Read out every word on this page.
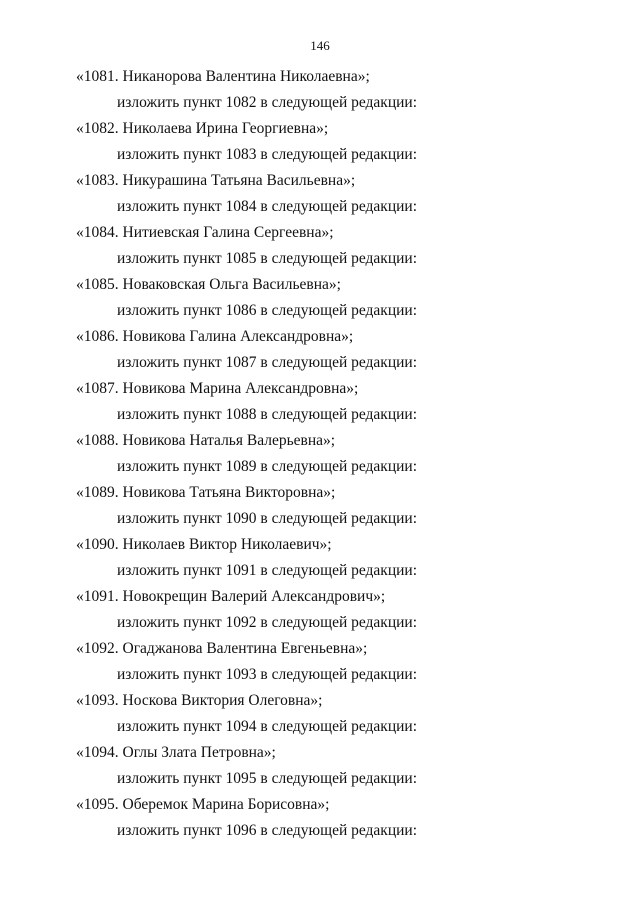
146
«1081. Никанорова Валентина Николаевна»;
изложить пункт 1082 в следующей редакции:
«1082. Николаева Ирина Георгиевна»;
изложить пункт 1083 в следующей редакции:
«1083. Никурашина Татьяна Васильевна»;
изложить пункт 1084 в следующей редакции:
«1084. Нитиевская Галина Сергеевна»;
изложить пункт 1085 в следующей редакции:
«1085. Новаковская Ольга Васильевна»;
изложить пункт 1086 в следующей редакции:
«1086. Новикова Галина Александровна»;
изложить пункт 1087 в следующей редакции:
«1087. Новикова Марина Александровна»;
изложить пункт 1088 в следующей редакции:
«1088. Новикова Наталья Валерьевна»;
изложить пункт 1089 в следующей редакции:
«1089. Новикова Татьяна Викторовна»;
изложить пункт 1090 в следующей редакции:
«1090. Николаев Виктор Николаевич»;
изложить пункт 1091 в следующей редакции:
«1091. Новокрещин Валерий Александрович»;
изложить пункт 1092 в следующей редакции:
«1092. Огаджанова Валентина Евгеньевна»;
изложить пункт 1093 в следующей редакции:
«1093. Носкова Виктория Олеговна»;
изложить пункт 1094 в следующей редакции:
«1094. Оглы Злата Петровна»;
изложить пункт 1095 в следующей редакции:
«1095. Оберемок Марина Борисовна»;
изложить пункт 1096 в следующей редакции:
